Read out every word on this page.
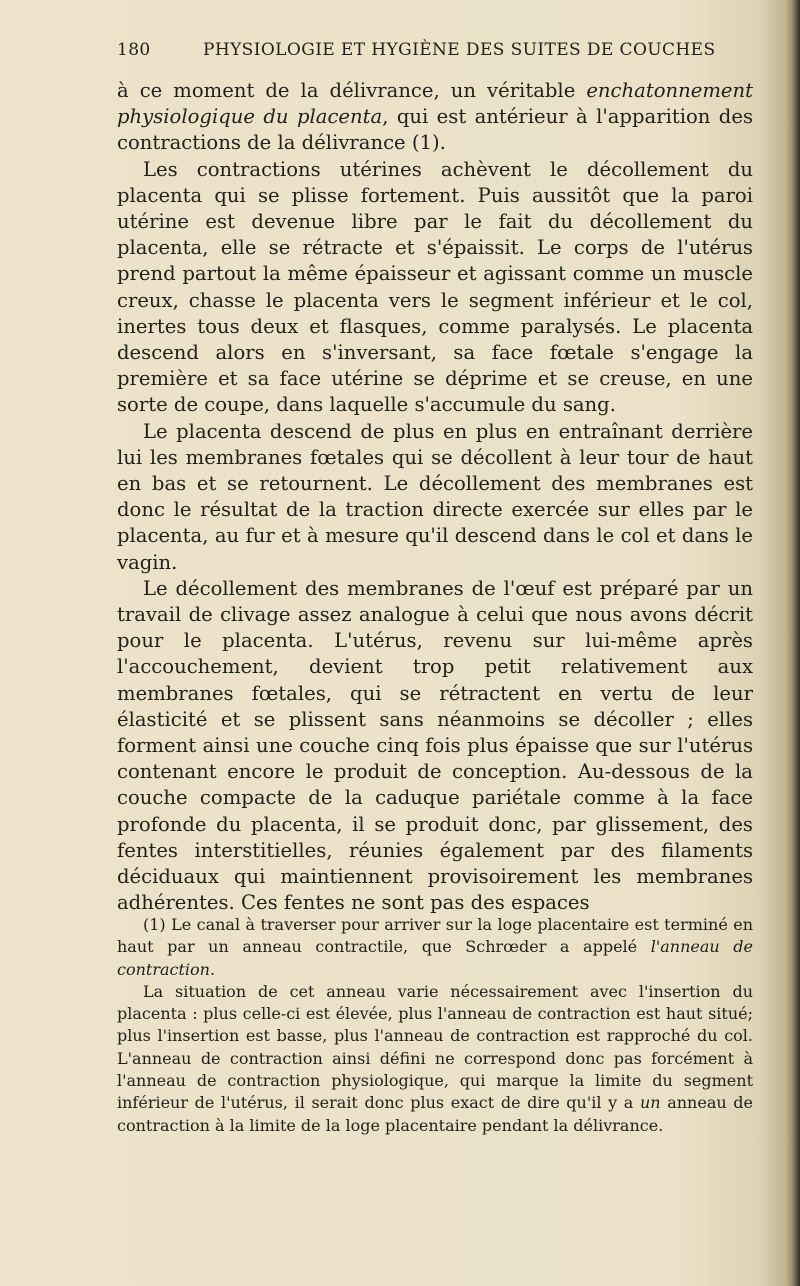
180	PHYSIOLOGIE ET HYGIÈNE DES SUITES DE COUCHES

à ce moment de la délivrance, un véritable enchatonnement physiologique du placenta, qui est antérieur à l'apparition des contractions de la délivrance (1).

Les contractions utérines achèvent le décollement du placenta qui se plisse fortement. Puis aussitôt que la paroi utérine est devenue libre par le fait du décollement du placenta, elle se rétracte et s'épaissit. Le corps de l'utérus prend partout la même épaisseur et agissant comme un muscle creux, chasse le placenta vers le segment inférieur et le col, inertes tous deux et flasques, comme paralysés. Le placenta descend alors en s'inversant, sa face fœtale s'engage la première et sa face utérine se déprime et se creuse, en une sorte de coupe, dans laquelle s'accumule du sang.

Le placenta descend de plus en plus en entraînant derrière lui les membranes fœtales qui se décollent à leur tour de haut en bas et se retournent. Le décollement des membranes est donc le résultat de la traction directe exercée sur elles par le placenta, au fur et à mesure qu'il descend dans le col et dans le vagin.

Le décollement des membranes de l'œuf est préparé par un travail de clivage assez analogue à celui que nous avons décrit pour le placenta. L'utérus, revenu sur lui-même après l'accouchement, devient trop petit relativement aux membranes fœtales, qui se rétractent en vertu de leur élasticité et se plissent sans néanmoins se décoller ; elles forment ainsi une couche cinq fois plus épaisse que sur l'utérus contenant encore le produit de conception. Au-dessous de la couche compacte de la caduque pariétale comme à la face profonde du placenta, il se produit donc, par glissement, des fentes interstitielles, réunies également par des filaments déciduaux qui maintiennent provisoirement les membranes adhérentes. Ces fentes ne sont pas des espaces

(1) Le canal à traverser pour arriver sur la loge placentaire est terminé en haut par un anneau contractile, que Schrœder a appelé l'anneau de contraction.

La situation de cet anneau varie nécessairement avec l'insertion du placenta : plus celle-ci est élevée, plus l'anneau de contraction est haut situé; plus l'insertion est basse, plus l'anneau de contraction est rapproché du col. L'anneau de contraction ainsi défini ne correspond donc pas forcément à l'anneau de contraction physiologique, qui marque la limite du segment inférieur de l'utérus, il serait donc plus exact de dire qu'il y a un anneau de contraction à la limite de la loge placentaire pendant la délivrance.
